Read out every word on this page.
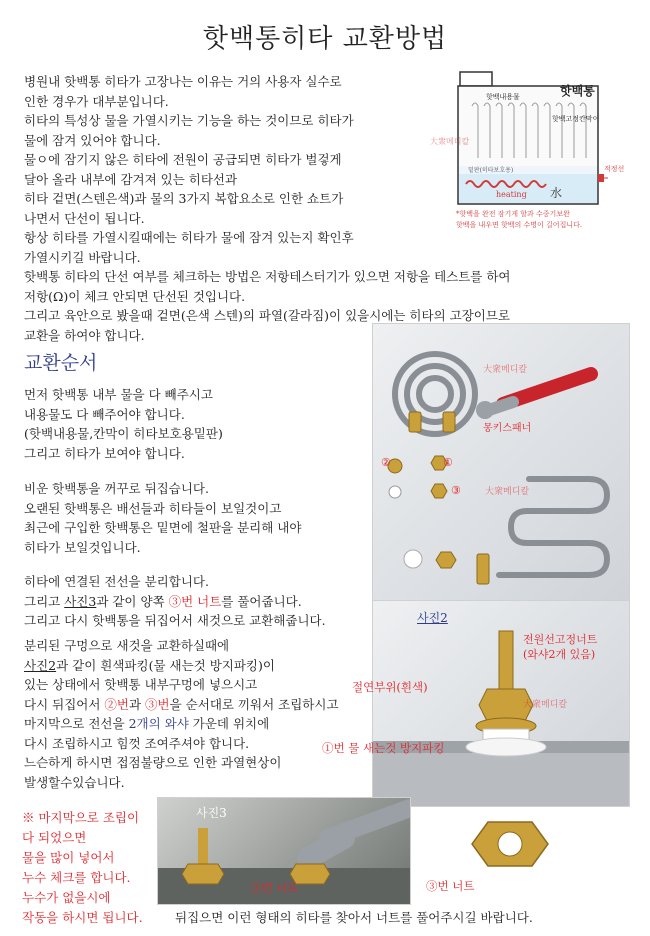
핫백통히타 교환방법
병원내 핫백통 히타가 고장나는 이유는 거의 사용자 실수로
인한 경우가 대부분입니다.
히타의 특성상 물을 가열시키는 기능을 하는 것이므로 히타가
물에 잠겨 있어야 합니다.
물ㅇ에 잠기지 않은 히타에 전원이 공급되면 히타가 벌겋게
달아 올라 내부에 감겨져 있는 히타선과
히타 겉면(스텐은색)과 물의 3가지 복합요소로 인한 쇼트가
나면서 단선이 됩니다.
항상 히타를 가열시킬때에는 히타가 물에 잠겨 있는지 확인후
가열시키길 바랍니다.
핫백통 히타의 단선 여부를 체크하는 방법은 저항테스터기가 있으면 저항을 테스트를 하여
저항(Ω)이 체크 안되면 단선된 것입니다.
그리고 육안으로 봤을때 겉면(은색 스텐)의 파열(갈라짐)이 있을시에는 히타의 고장이므로
교환을 하여야 합니다.
핫백통
핫백내용물
핫백고정칸막이
水
heating
밑판(히타보호용)	적정선
*핫백을 완전 잠기게 할과 수중기보완
핫백을 내우면 핫백의 수명이 길어집니다.
大衆메디칼
교환순서
먼저 핫백통 내부 물을 다 빼주시고
내용물도 다 빼주어야 합니다.
(핫백내용물,칸막이 히타보호용밑판)
그리고 히타가 보여야 합니다.
비운 핫백통을 꺼꾸로 뒤집습니다.
오랜된 핫백통은 배선들과 히타들이 보일것이고
최근에 구입한 핫백통은 밑면에 철판을 분리해 내야
히타가 보일것입니다.
히타에 연결된 전선을 분리합니다.
그리고 사진3과 같이 양쪽 ③번 너트를 풀어줍니다.
그리고 다시 핫백통을 뒤집어서 새것으로 교환해줍니다.
분리된 구멍으로 새것을 교환하실때에
사진2과 같이 흰색파킹(물 새는것 방지파킹)이
있는 상태에서 핫백통 내부구멍에 넣으시고
다시 뒤집어서 ②번과 ③번을 순서대로 끼워서 조립하시고
마지막으로 전선을 2개의 와샤 가운데 위치에
다시 조립하시고 힘껏 조여주셔야 합니다.
느슨하게 하시면 접점불량으로 인한 과열현상이
발생할수있습니다.
※ 마지막으로 조립이
다 되었으면
물을 많이 넣어서
누수 체크를 합니다.
누수가 없을시에
작동을 하시면 됩니다.
몽키스패너
②	①
③
大衆메디칼
大衆메디칼
사진2
전원선고정너트
(와샤2개 있음)
大衆메디칼
절연부위(흰색)
①번 물 새는것 방지파킹
사진3
③번 너트	③번 너트
뒤집으면 이런 형태의 히타를 찾아서 너트를 풀어주시길 바랍니다.
